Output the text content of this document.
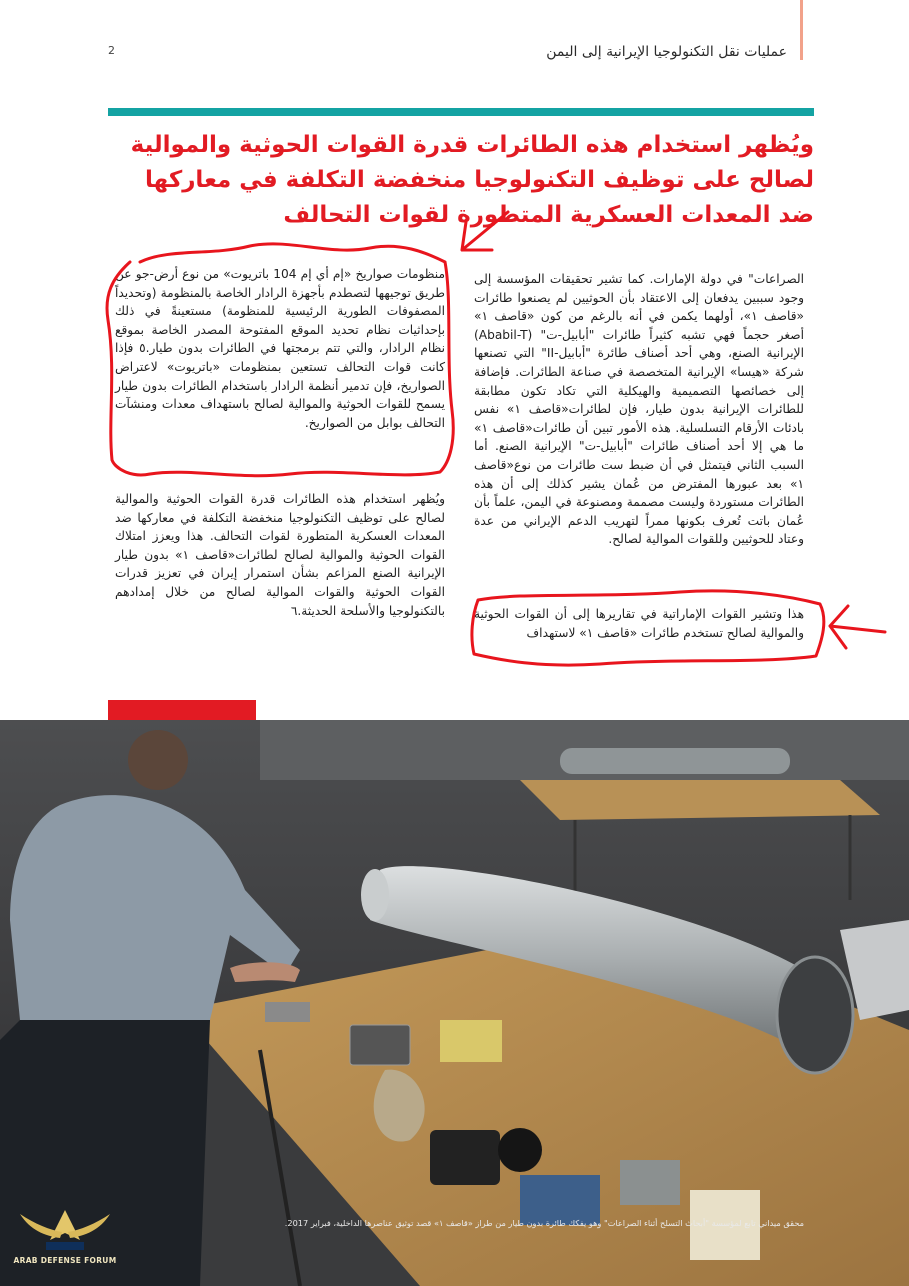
2	عمليات نقل التكنولوجيا الإيرانية إلى اليمن
ويُظهر استخدام هذه الطائرات قدرة القوات الحوثية والموالية لصالح على توظيف التكنولوجيا منخفضة التكلفة في معاركها ضد المعدات العسكرية المتطورة لقوات التحالف

الصراعات" في دولة الإمارات. كما تشير تحقيقات المؤسسة إلى وجود سببين يدفعان إلى الاعتقاد بأن الحوثيين لم يصنعوا طائرات «قاصف ١»، أولهما يكمن في أنه بالرغم من كون «قاصف ١» أصغر حجماً فهي تشبه كثيراً طائرات "أبابيل-ت" (Ababil-T) الإيرانية الصنع، وهي أحد أصناف طائرة "أبابيل-II" التي تصنعها شركة «هيسا» الإيرانية المتخصصة في صناعة الطائرات. فإضافة إلى خصائصها التصميمية والهيكلية التي تكاد تكون مطابقة للطائرات الإيرانية بدون طيار، فإن لطائرات«قاصف ١» نفس بادئات الأرقام التسلسلية. هذه الأمور تبين أن طائرات«قاصف ١» ما هي إلا أحد أصناف طائرات "أبابيل-ت" الإيرانية الصنع. أما السبب الثاني فيتمثل في أن ضبط ست طائرات من نوع«قاصف ١» بعد عبورها المفترض من عُمان يشير كذلك إلى أن هذه الطائرات مستوردة وليست مصممة ومصنوعة في اليمن، علماً بأن عُمان باتت تُعرف بكونها ممراً لتهريب الدعم الإيراني من عدة وعتاد للحوثيين وللقوات الموالية لصالح.

هذا وتشير القوات الإماراتية في تقاريرها إلى أن القوات الحوثية والموالية لصالح تستخدم طائرات «قاصف ١» لاستهداف

منظومات صواريخ «إم أي إم 104 باتريوت» من نوع أرض-جو عن طريق توجيهها لتصطدم بأجهزة الرادار الخاصة بالمنظومة (وتحديداً المصفوفات الطورية الرئيسية للمنظومة) مستعينةً في ذلك بإحداثيات نظام تحديد الموقع المفتوحة المصدر الخاصة بموقع نظام الرادار، والتي تتم برمجتها في الطائرات بدون طيار.٥ فإذا كانت قوات التحالف تستعين بمنظومات «باتريوت» لاعتراض الصواريخ، فإن تدمير أنظمة الرادار باستخدام الطائرات بدون طيار يسمح للقوات الحوثية والموالية لصالح باستهداف معدات ومنشآت التحالف بوابل من الصواريخ.

ويُظهر استخدام هذه الطائرات قدرة القوات الحوثية والموالية لصالح على توظيف التكنولوجيا منخفضة التكلفة في معاركها ضد المعدات العسكرية المتطورة لقوات التحالف. هذا ويعزز امتلاك القوات الحوثية والموالية لصالح لطائرات«قاصف ١» بدون طيار الإيرانية الصنع المزاعم بشأن استمرار إيران في تعزيز قدرات القوات الحوثية والقوات الموالية لصالح من خلال إمدادهم بالتكنولوجيا والأسلحة الحديثة.٦

محقق ميداني تابع لمؤسسة "أبحاث التسلح أثناء الصراعات" وهو يفكك طائرة بدون طيار من طراز «قاصف ١» قصد توثيق عناصرها الداخلية، فبراير 2017.
ARAB DEFENSE FORUM
